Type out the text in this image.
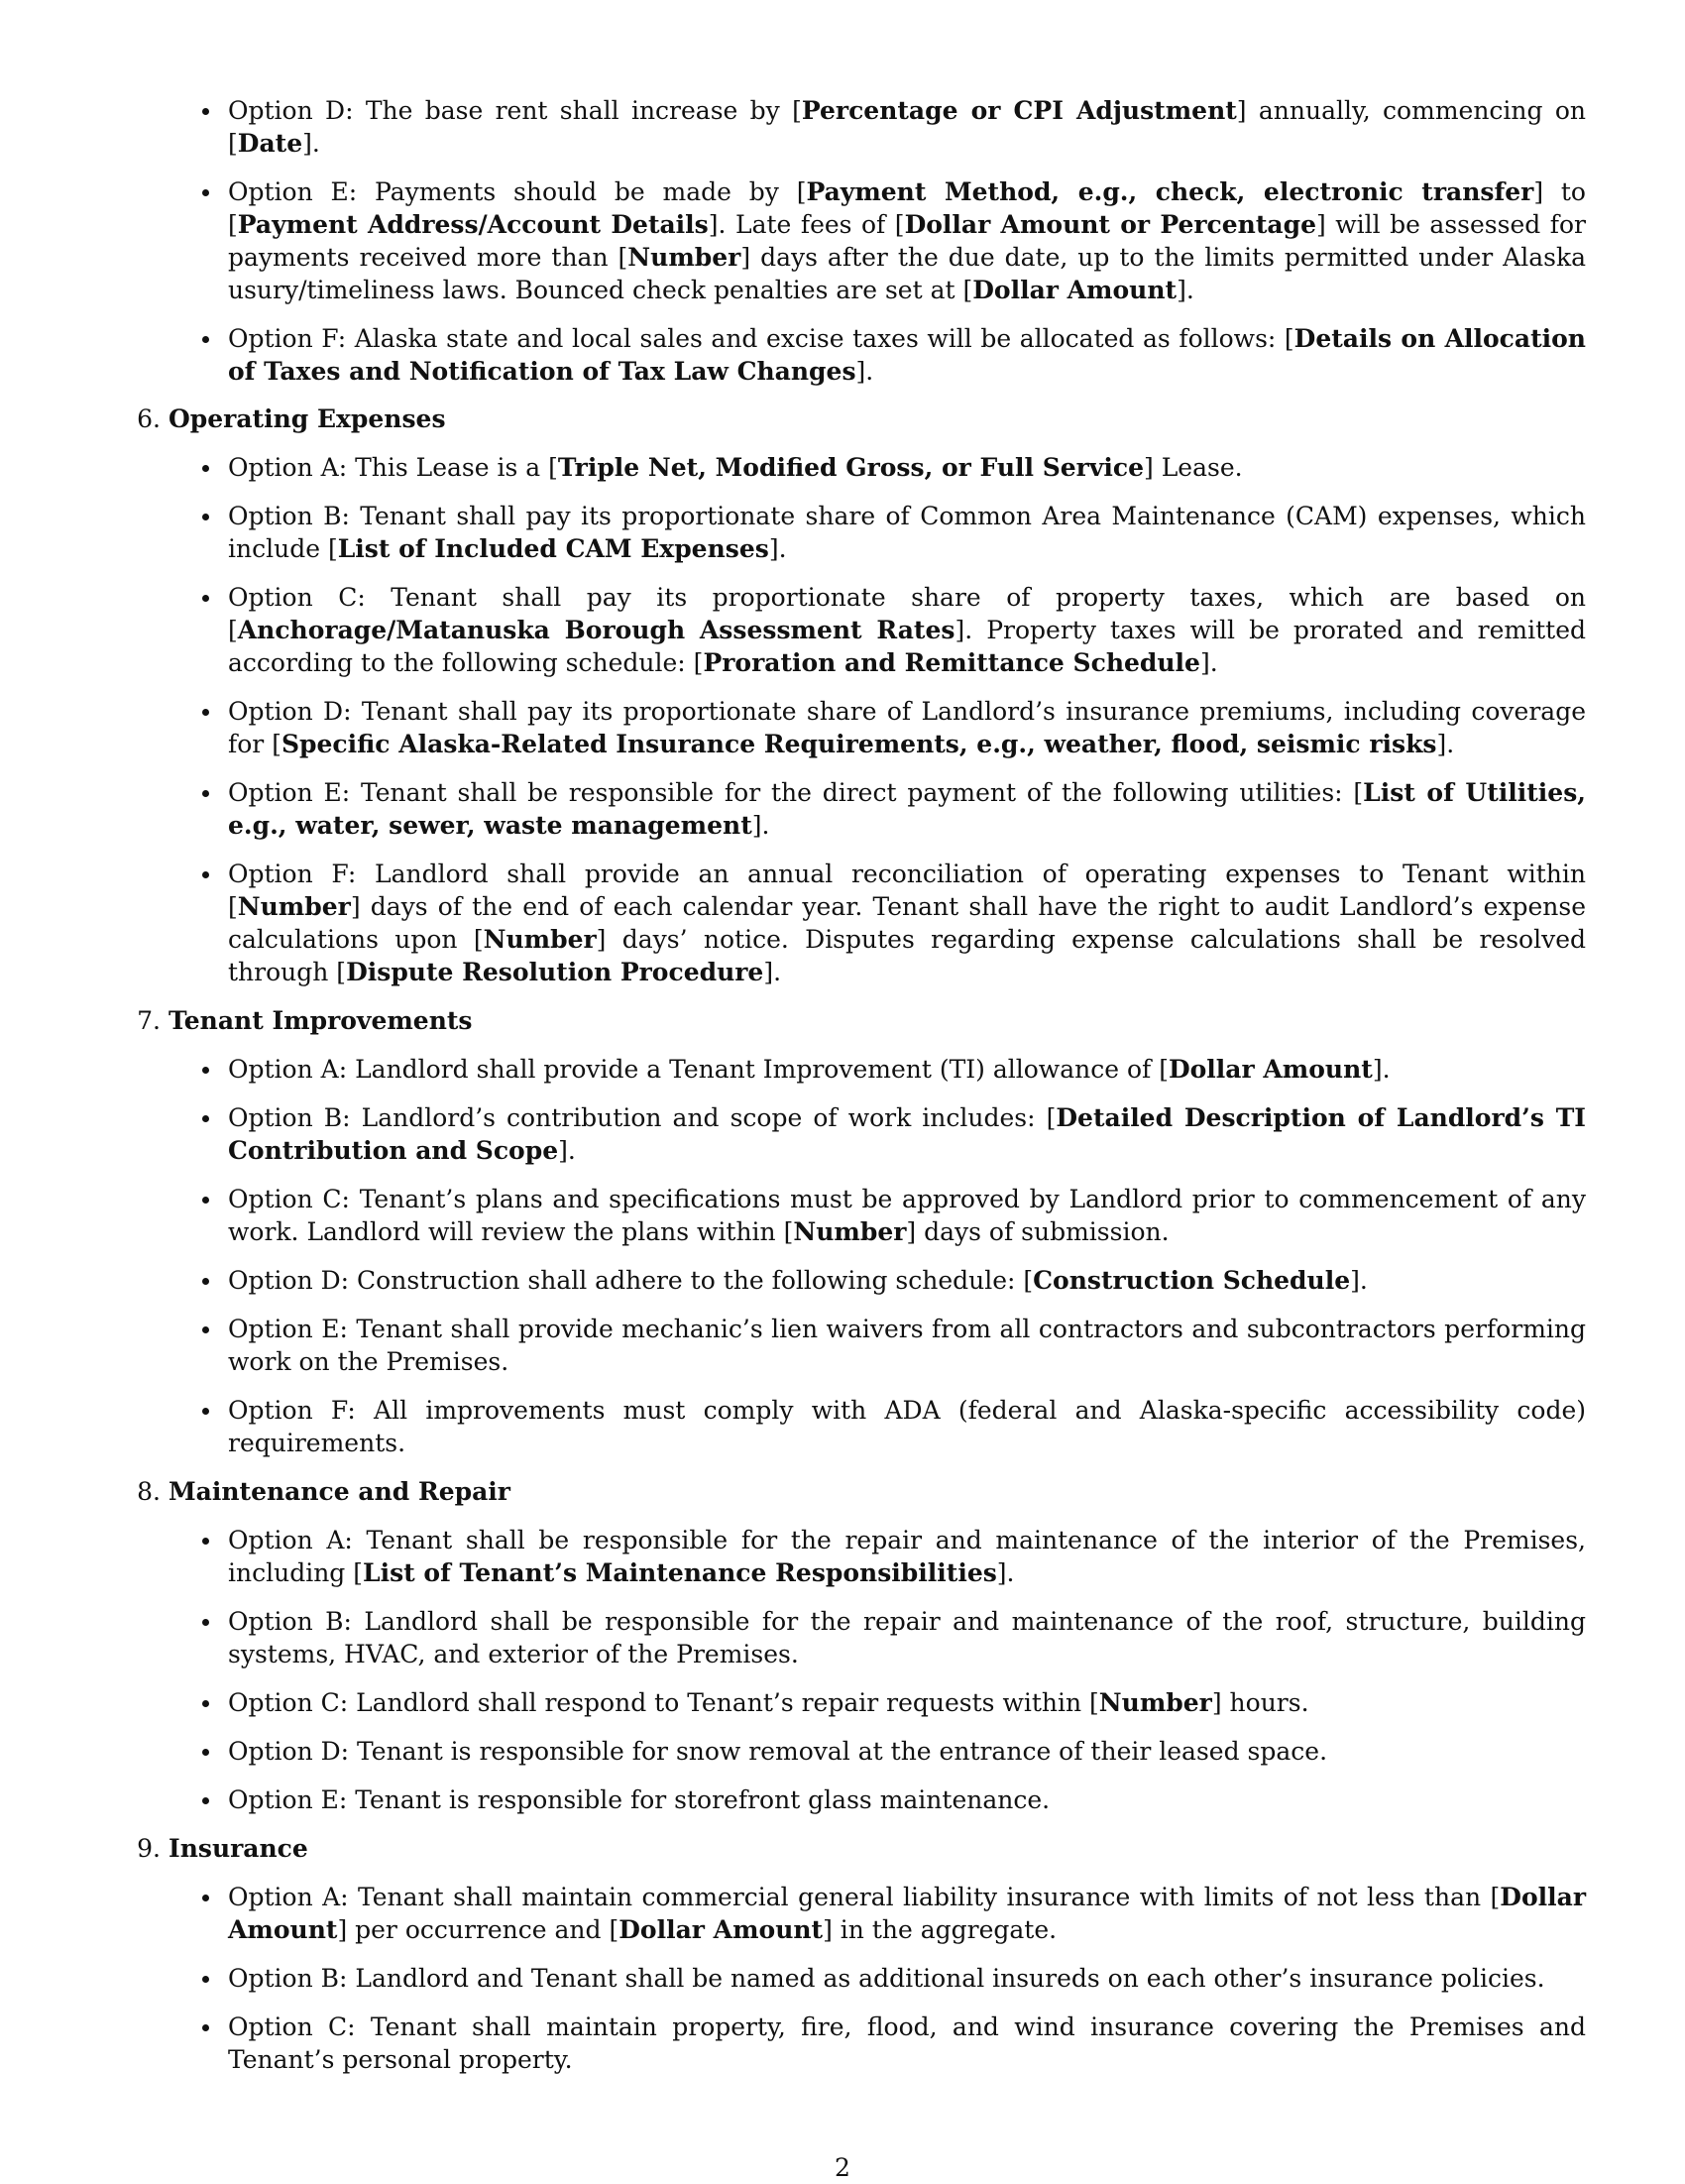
Option D: The base rent shall increase by [Percentage or CPI Adjustment] annually, commencing on [Date].
Option E: Payments should be made by [Payment Method, e.g., check, electronic transfer] to [Payment Address/Account Details]. Late fees of [Dollar Amount or Percentage] will be assessed for payments received more than [Number] days after the due date, up to the limits permitted under Alaska usury/timeliness laws. Bounced check penalties are set at [Dollar Amount].
Option F: Alaska state and local sales and excise taxes will be allocated as follows: [Details on Allocation of Taxes and Notification of Tax Law Changes].
6. Operating Expenses
Option A: This Lease is a [Triple Net, Modified Gross, or Full Service] Lease.
Option B: Tenant shall pay its proportionate share of Common Area Maintenance (CAM) expenses, which include [List of Included CAM Expenses].
Option C: Tenant shall pay its proportionate share of property taxes, which are based on [Anchorage/Matanuska Borough Assessment Rates]. Property taxes will be prorated and remitted according to the following schedule: [Proration and Remittance Schedule].
Option D: Tenant shall pay its proportionate share of Landlord’s insurance premiums, including coverage for [Specific Alaska-Related Insurance Requirements, e.g., weather, flood, seismic risks].
Option E: Tenant shall be responsible for the direct payment of the following utilities: [List of Utilities, e.g., water, sewer, waste management].
Option F: Landlord shall provide an annual reconciliation of operating expenses to Tenant within [Number] days of the end of each calendar year. Tenant shall have the right to audit Landlord’s expense calculations upon [Number] days’ notice. Disputes regarding expense calculations shall be resolved through [Dispute Resolution Procedure].
7. Tenant Improvements
Option A: Landlord shall provide a Tenant Improvement (TI) allowance of [Dollar Amount].
Option B: Landlord’s contribution and scope of work includes: [Detailed Description of Landlord’s TI Contribution and Scope].
Option C: Tenant’s plans and specifications must be approved by Landlord prior to commencement of any work. Landlord will review the plans within [Number] days of submission.
Option D: Construction shall adhere to the following schedule: [Construction Schedule].
Option E: Tenant shall provide mechanic’s lien waivers from all contractors and subcontractors performing work on the Premises.
Option F: All improvements must comply with ADA (federal and Alaska-specific accessibility code) requirements.
8. Maintenance and Repair
Option A: Tenant shall be responsible for the repair and maintenance of the interior of the Premises, including [List of Tenant’s Maintenance Responsibilities].
Option B: Landlord shall be responsible for the repair and maintenance of the roof, structure, building systems, HVAC, and exterior of the Premises.
Option C: Landlord shall respond to Tenant’s repair requests within [Number] hours.
Option D: Tenant is responsible for snow removal at the entrance of their leased space.
Option E: Tenant is responsible for storefront glass maintenance.
9. Insurance
Option A: Tenant shall maintain commercial general liability insurance with limits of not less than [Dollar Amount] per occurrence and [Dollar Amount] in the aggregate.
Option B: Landlord and Tenant shall be named as additional insureds on each other’s insurance policies.
Option C: Tenant shall maintain property, fire, flood, and wind insurance covering the Premises and Tenant’s personal property.
2
